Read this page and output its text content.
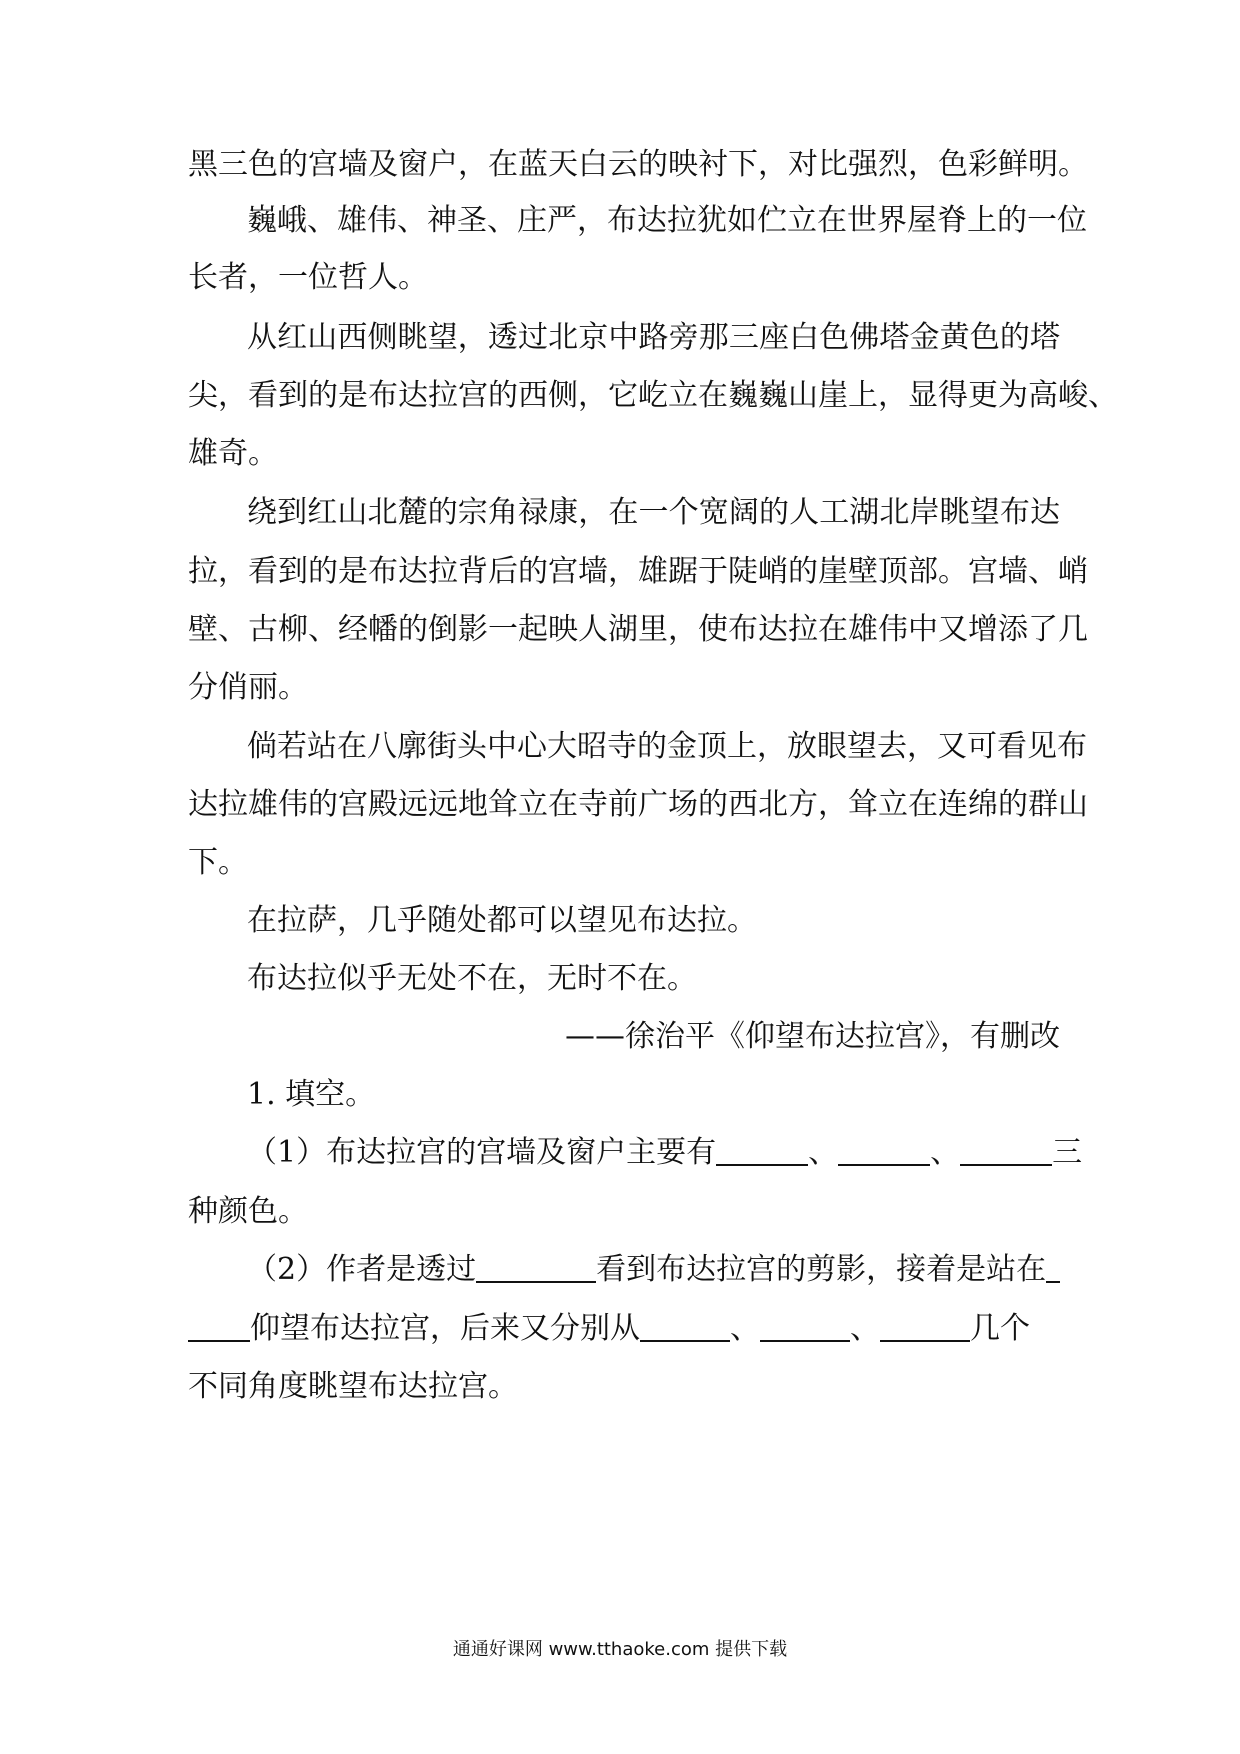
黑三色的宫墙及窗户，在蓝天白云的映衬下，对比强烈，色彩鲜明。
巍峨、雄伟、神圣、庄严，布达拉犹如伫立在世界屋脊上的一位
长者，一位哲人。
从红山西侧眺望，透过北京中路旁那三座白色佛塔金黄色的塔
尖，看到的是布达拉宫的西侧，它屹立在巍巍山崖上，显得更为高峻、
雄奇。
绕到红山北麓的宗角禄康，在一个宽阔的人工湖北岸眺望布达
拉，看到的是布达拉背后的宫墙，雄踞于陡峭的崖壁顶部。宫墙、峭
壁、古柳、经幡的倒影一起映人湖里，使布达拉在雄伟中又增添了几
分俏丽。
倘若站在八廓街头中心大昭寺的金顶上，放眼望去，又可看见布
达拉雄伟的宫殿远远地耸立在寺前广场的西北方，耸立在连绵的群山
下。
在拉萨，几乎随处都可以望见布达拉。
布达拉似乎无处不在，无时不在。
——徐治平《仰望布达拉宫》，有删改
1. 填空。
（1）布达拉宫的宫墙及窗户主要有	、	、	三
种颜色。
（2）作者是透过	看到布达拉宫的剪影，接着是站在
仰望布达拉宫，后来又分别从	、	、	几个
不同角度眺望布达拉宫。
通通好课网 www.tthaoke.com 提供下载
